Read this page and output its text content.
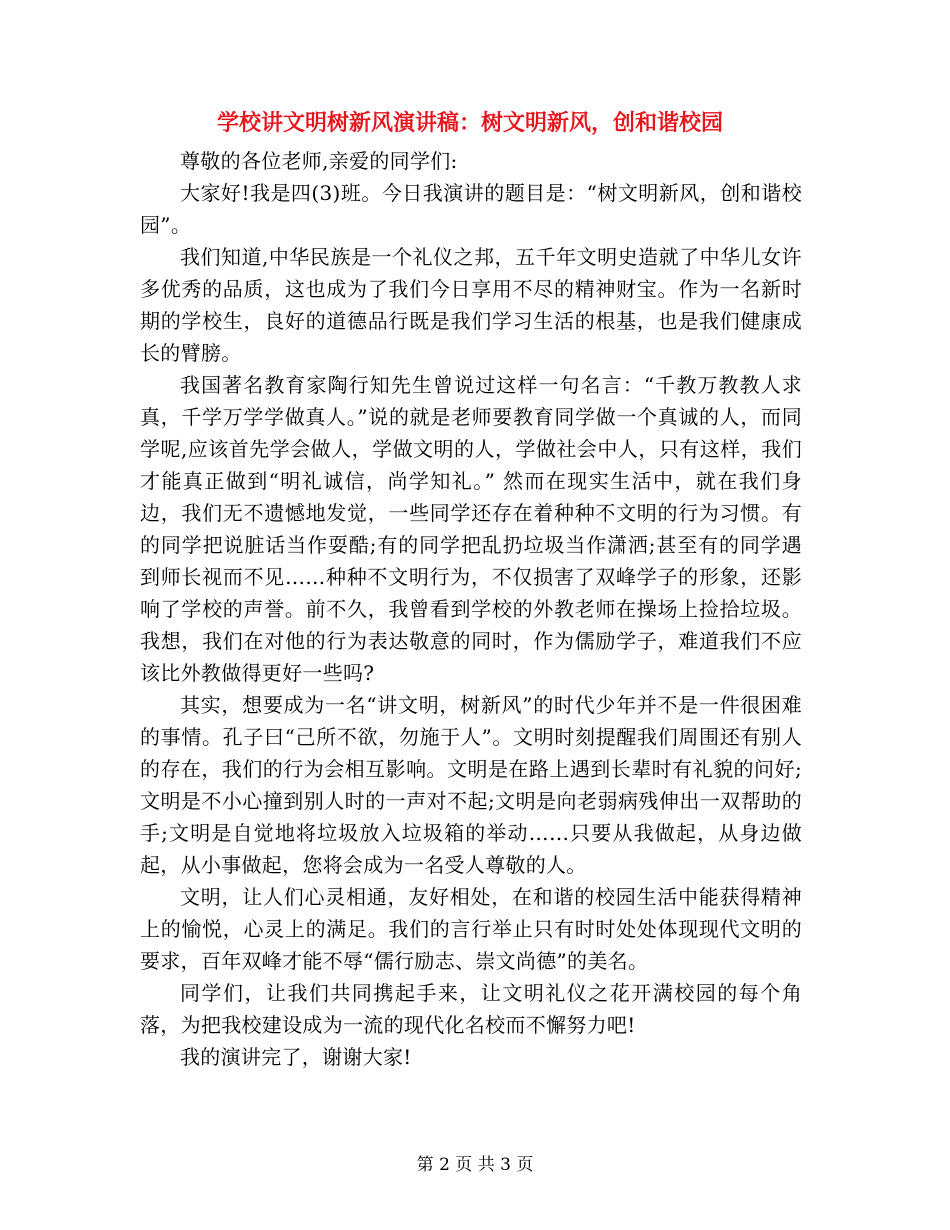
学校讲文明树新风演讲稿：树文明新风，创和谐校园

尊敬的各位老师,亲爱的同学们:

大家好!我是四(3)班。今日我演讲的题目是：“树文明新风，创和谐校园”。

我们知道,中华民族是一个礼仪之邦，五千年文明史造就了中华儿女许多优秀的品质，这也成为了我们今日享用不尽的精神财宝。作为一名新时期的学校生，良好的道德品行既是我们学习生活的根基，也是我们健康成长的臂膀。

我国著名教育家陶行知先生曾说过这样一句名言：“千教万教教人求真，千学万学学做真人。”说的就是老师要教育同学做一个真诚的人，而同学呢,应该首先学会做人，学做文明的人，学做社会中人，只有这样，我们才能真正做到“明礼诚信，尚学知礼。” 然而在现实生活中，就在我们身边，我们无不遗憾地发觉，一些同学还存在着种种不文明的行为习惯。有的同学把说脏话当作耍酷;有的同学把乱扔垃圾当作潇洒;甚至有的同学遇到师长视而不见……种种不文明行为，不仅损害了双峰学子的形象，还影响了学校的声誉。前不久，我曾看到学校的外教老师在操场上捡拾垃圾。我想，我们在对他的行为表达敬意的同时，作为儒励学子，难道我们不应该比外教做得更好一些吗?

其实，想要成为一名“讲文明，树新风”的时代少年并不是一件很困难的事情。孔子曰“己所不欲，勿施于人”。文明时刻提醒我们周围还有别人的存在，我们的行为会相互影响。文明是在路上遇到长辈时有礼貌的问好;文明是不小心撞到别人时的一声对不起;文明是向老弱病残伸出一双帮助的手;文明是自觉地将垃圾放入垃圾箱的举动……只要从我做起，从身边做起，从小事做起，您将会成为一名受人尊敬的人。

文明，让人们心灵相通，友好相处，在和谐的校园生活中能获得精神上的愉悦，心灵上的满足。我们的言行举止只有时时处处体现现代文明的要求，百年双峰才能不辱“儒行励志、崇文尚德”的美名。

同学们，让我们共同携起手来，让文明礼仪之花开满校园的每个角落，为把我校建设成为一流的现代化名校而不懈努力吧!

我的演讲完了，谢谢大家!

第 2 页 共 3 页
